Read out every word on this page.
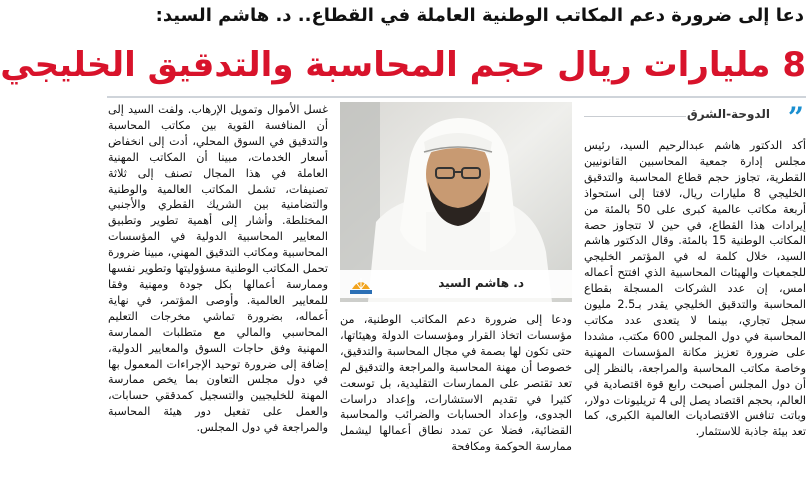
دعا إلى ضرورة دعم المكاتب الوطنية العاملة في القطاع.. د. هاشم السيد:
8 مليارات ريال حجم المحاسبة والتدقيق الخليجي
”
الدوحة-الشرق

أكد الدكتور هاشم عبدالرحيم السيد، رئيس مجلس إدارة جمعية المحاسبين القانونيين القطرية، تجاوز حجم قطاع المحاسبة والتدقيق الخليجي 8 مليارات ريال، لافتا إلى استحواذ أربعة مكاتب عالمية كبرى على 50 بالمئة من إيرادات هذا القطاع، في حين لا تتجاوز حصة المكاتب الوطنية 15 بالمئة. وقال الدكتور هاشم السيد، خلال كلمة له في المؤتمر الخليجي للجمعيات والهيئات المحاسبية الذي افتتح أعماله امس، إن عدد الشركات المسجلة بقطاع المحاسبة والتدقيق الخليجي يقدر بـ2.5 مليون سجل تجاري، بينما لا يتعدى عدد مكاتب المحاسبة في دول المجلس 600 مكتب، مشددا على ضرورة تعزيز مكانة المؤسسات المهنية وخاصة مكاتب المحاسبة والمراجعة، بالنظر إلى أن دول المجلس أصبحت رابع قوة اقتصادية في العالم، بحجم اقتصاد يصل إلى 4 تريليونات دولار، وباتت تنافس الاقتصاديات العالمية الكبرى، كما تعد بيئة جاذبة للاستثمار.

د. هاشم السيد

ودعا إلى ضرورة دعم المكاتب الوطنية، من مؤسسات اتخاذ القرار ومؤسسات الدولة وهيئاتها، حتى تكون لها بصمة في مجال المحاسبة والتدقيق، خصوصا أن مهنة المحاسبة والمراجعة والتدقيق لم تعد تقتصر على الممارسات التقليدية، بل توسعت كثيرا في تقديم الاستشارات، وإعداد دراسات الجدوى، وإعداد الحسابات والضرائب والمحاسبة القضائية، فضلا عن تمدد نطاق أعمالها ليشمل ممارسة الحوكمة ومكافحة

غسل الأموال وتمويل الإرهاب. ولفت السيد إلى أن المنافسة القوية بين مكاتب المحاسبة والتدقيق في السوق المحلي، أدت إلى انخفاض أسعار الخدمات، مبينا أن المكاتب المهنية العاملة في هذا المجال تصنف إلى ثلاثة تصنيفات، تشمل المكاتب العالمية والوطنية والتضامنية بين الشريك القطري والأجنبي المختلطة. وأشار إلى أهمية تطوير وتطبيق المعايير المحاسبية الدولية في المؤسسات المحاسبية ومكاتب التدقيق المهني، مبينا ضرورة تحمل المكاتب الوطنية مسؤوليتها وتطوير نفسها وممارسة أعمالها بكل جودة ومهنية وفقا للمعايير العالمية. وأوصى المؤتمر، في نهاية أعماله، بضرورة تماشي مخرجات التعليم المحاسبي والمالي مع متطلبات الممارسة المهنية وفق حاجات السوق والمعايير الدولية، إضافة إلى ضرورة توحيد الإجراءات المعمول بها في دول مجلس التعاون بما يخص ممارسة المهنة للخليجيين والتسجيل كمدققي حسابات، والعمل على تفعيل دور هيئة المحاسبة والمراجعة في دول المجلس.
